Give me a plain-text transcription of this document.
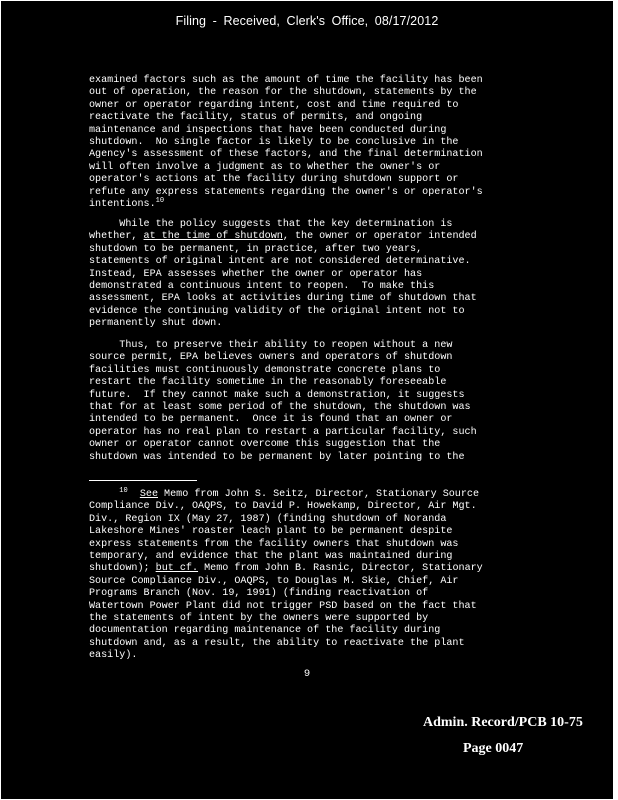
Filing - Received, Clerk's Office, 08/17/2012
examined factors such as the amount of time the facility has been
out of operation, the reason for the shutdown, statements by the
owner or operator regarding intent, cost and time required to
reactivate the facility, status of permits, and ongoing
maintenance and inspections that have been conducted during
shutdown.  No single factor is likely to be conclusive in the
Agency's assessment of these factors, and the final determination
will often involve a judgment as to whether the owner's or
operator's actions at the facility during shutdown support or
refute any express statements regarding the owner's or operator's
intentions.$^{10}$
While the policy suggests that the key determination is
whether, at the time of shutdown, the owner or operator intended
shutdown to be permanent, in practice, after two years,
statements of original intent are not considered determinative.
Instead, EPA assesses whether the owner or operator has
demonstrated a continuous intent to reopen.  To make this
assessment, EPA looks at activities during time of shutdown that
evidence the continuing validity of the original intent not to
permanently shut down.
Thus, to preserve their ability to reopen without a new
source permit, EPA believes owners and operators of shutdown
facilities must continuously demonstrate concrete plans to
restart the facility sometime in the reasonably foreseeable
future.  If they cannot make such a demonstration, it suggests
that for at least some period of the shutdown, the shutdown was
intended to be permanent.  Once it is found that an owner or
operator has no real plan to restart a particular facility, such
owner or operator cannot overcome this suggestion that the
shutdown was intended to be permanent by later pointing to the
$^{10}$ See Memo from John S. Seitz, Director, Stationary Source
Compliance Div., OAQPS, to David P. Howekamp, Director, Air Mgt.
Div., Region IX (May 27, 1987) (finding shutdown of Noranda
Lakeshore Mines' roaster leach plant to be permanent despite
express statements from the facility owners that shutdown was
temporary, and evidence that the plant was maintained during
shutdown); but cf. Memo from John B. Rasnic, Director, Stationary
Source Compliance Div., OAQPS, to Douglas M. Skie, Chief, Air
Programs Branch (Nov. 19, 1991) (finding reactivation of
Watertown Power Plant did not trigger PSD based on the fact that
the statements of intent by the owners were supported by
documentation regarding maintenance of the facility during
shutdown and, as a result, the ability to reactivate the plant
easily).
9
Admin. Record/PCB 10-75
Page 0047
